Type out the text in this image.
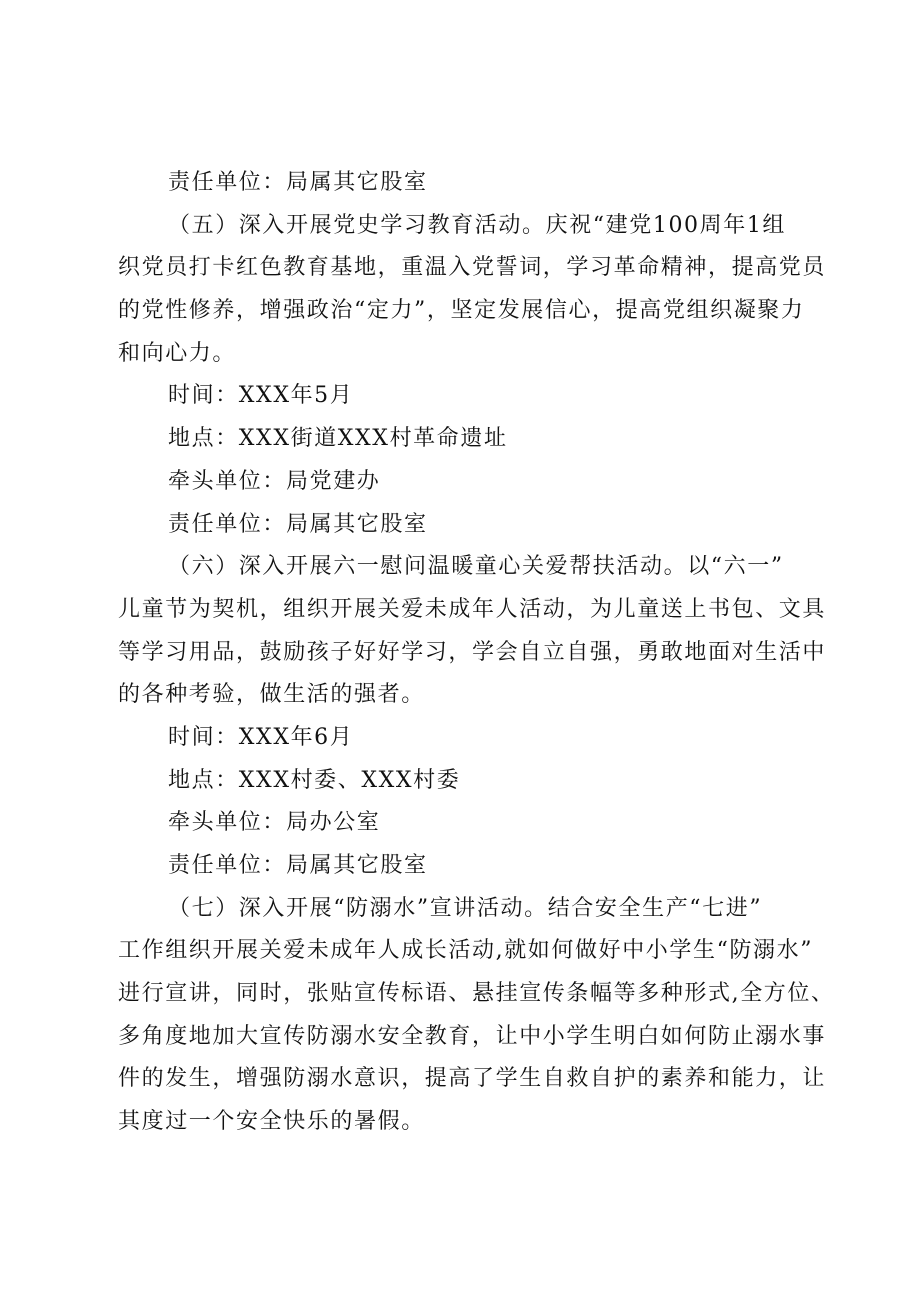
责任单位：局属其它股室
（五）深入开展党史学习教育活动。庆祝“建党100周年1组
织党员打卡红色教育基地，重温入党誓词，学习革命精神，提高党员
的党性修养，增强政治“定力”，坚定发展信心，提高党组织凝聚力
和向心力。
时间：XXX年5月
地点：XXX街道XXX村革命遗址
牵头单位：局党建办
责任单位：局属其它股室
（六）深入开展六一慰问温暖童心关爱帮扶活动。以“六一”
儿童节为契机，组织开展关爱未成年人活动，为儿童送上书包、文具
等学习用品，鼓励孩子好好学习，学会自立自强，勇敢地面对生活中
的各种考验，做生活的强者。
时间：XXX年6月
地点：XXX村委、XXX村委
牵头单位：局办公室
责任单位：局属其它股室
（七）深入开展“防溺水”宣讲活动。结合安全生产“七进”
工作组织开展关爱未成年人成长活动,就如何做好中小学生“防溺水”
进行宣讲，同时，张贴宣传标语、悬挂宣传条幅等多种形式,全方位、
多角度地加大宣传防溺水安全教育，让中小学生明白如何防止溺水事
件的发生，增强防溺水意识，提高了学生自救自护的素养和能力，让
其度过一个安全快乐的暑假。
